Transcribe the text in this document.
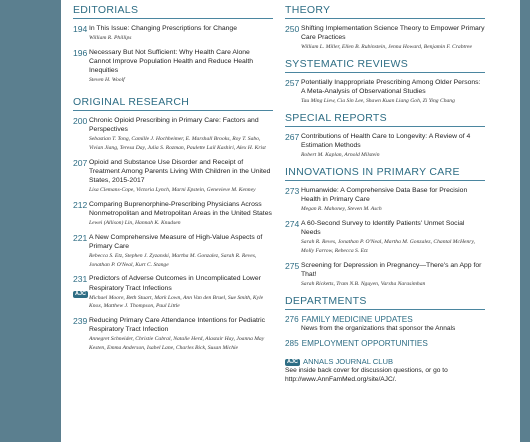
EDITORIALS
194 In This Issue: Changing Prescriptions for Change
William R. Phillips
196 Necessary But Not Sufficient: Why Health Care Alone Cannot Improve Population Health and Reduce Health Inequities
Steven H. Woolf
ORIGINAL RESEARCH
200 Chronic Opioid Prescribing in Primary Care: Factors and Perspectives
Sebastian T. Tong, Camille J. Hochheimer, E. Marshall Brooks, Roy T. Sabo, Vivian Jiang, Teresa Day, Julia S. Rozman, Paulette Lail Kashiri, Alex H. Krist
207 Opioid and Substance Use Disorder and Receipt of Treatment Among Parents Living With Children in the United States, 2015-2017
Lisa Clemans-Cope, Victoria Lynch, Marni Epstein, Genevieve M. Kenney
212 Comparing Buprenorphine-Prescribing Physicians Across Nonmetropolitan and Metropolitan Areas in the United States
Lewei (Allison) Lin, Hannah K. Knudsen
221 A New Comprehensive Measure of High-Value Aspects of Primary Care
Rebecca S. Etz, Stephen J. Zyzanski, Martha M. Gonzalez, Sarah R. Reves, Jonathan P. O'Neal, Kurt C. Stange
231
AJC
Predictors of Adverse Outcomes in Uncomplicated Lower Respiratory Tract Infections
Michael Moore, Beth Stuart, Mark Lown, Ann Van den Bruel, Sue Smith, Kyle Knox, Matthew J. Thompson, Paul Little
239 Reducing Primary Care Attendance Intentions for Pediatric Respiratory Tract Infection
Annegret Schneider, Christie Cabral, Natalie Herd, Alastair Hay, Joanna May Kesten, Emma Anderson, Isabel Lane, Charles Bick, Susan Michie
THEORY
250 Shifting Implementation Science Theory to Empower Primary Care Practices
William L. Miller, Ellen B. Rubinstein, Jenna Howard, Benjamin F. Crabtree
SYSTEMATIC REVIEWS
257 Potentially Inappropriate Prescribing Among Older Persons: A Meta-Analysis of Observational Studies
Tau Ming Liew, Cia Sin Lee, Shawn Kuan Liang Goh, Zi Ying Chang
SPECIAL REPORTS
267 Contributions of Health Care to Longevity: A Review of 4 Estimation Methods
Robert M. Kaplan, Arnold Milstein
INNOVATIONS IN PRIMARY CARE
273 Humanwide: A Comprehensive Data Base for Precision Health in Primary Care
Megan R. Mahoney, Steven M. Asch
274 A 60-Second Survey to Identify Patients' Unmet Social Needs
Sarah R. Reves, Jonathan P. O'Neal, Martha M. Gonzalez, Chantal McHenry, Molly Farrow, Rebecca S. Etz
275 Screening for Depression in Pregnancy—There's an App for That!
Sarah Ricketts, Tram N.B. Nguyen, Varsha Narasimhan
DEPARTMENTS
276 FAMILY MEDICINE UPDATES
News from the organizations that sponsor the Annals
285 EMPLOYMENT OPPORTUNITIES
AJC ANNALS JOURNAL CLUB
See inside back cover for discussion questions, or go to http://www.AnnFamMed.org/site/AJC/.
